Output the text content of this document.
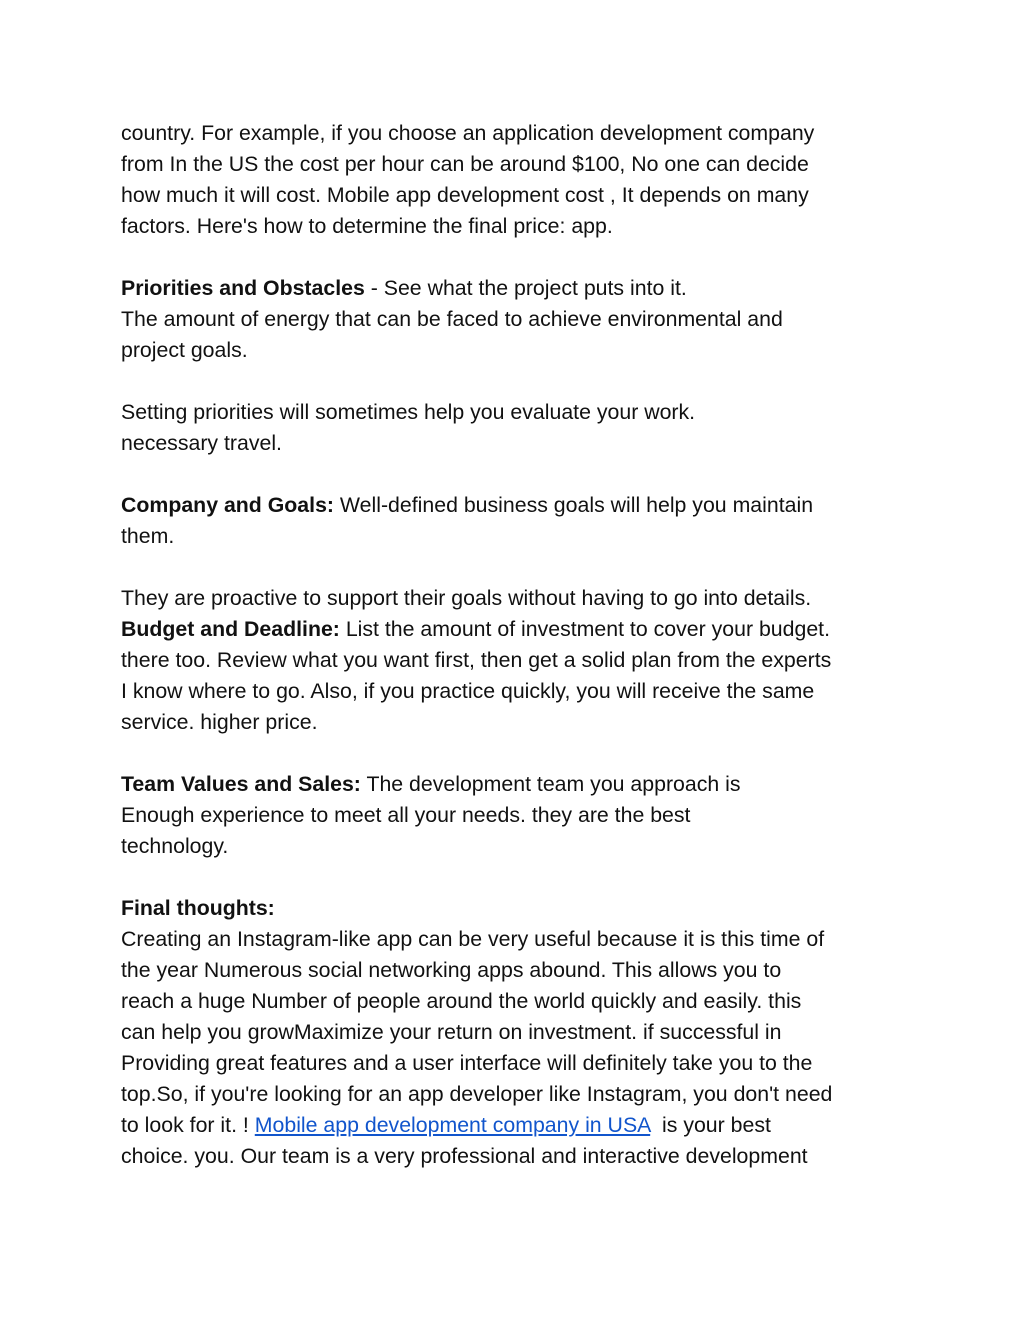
country. For example, if you choose an application development company
from In the US the cost per hour can be around $100, No one can decide
how much it will cost. Mobile app development cost , It depends on many
factors. Here's how to determine the final price: app.
Priorities and Obstacles - See what the project puts into it.
The amount of energy that can be faced to achieve environmental and
project goals.
Setting priorities will sometimes help you evaluate your work.
necessary travel.
Company and Goals: Well-defined business goals will help you maintain
them.
They are proactive to support their goals without having to go into details.
Budget and Deadline: List the amount of investment to cover your budget.
there too. Review what you want first, then get a solid plan from the experts
I know where to go. Also, if you practice quickly, you will receive the same
service. higher price.
Team Values and Sales: The development team you approach is
Enough experience to meet all your needs. they are the best
technology.
Final thoughts:
Creating an Instagram-like app can be very useful because it is this time of
the year Numerous social networking apps abound. This allows you to
reach a huge Number of people around the world quickly and easily. this
can help you growMaximize your return on investment. if successful in
Providing great features and a user interface will definitely take you to the
top.So, if you're looking for an app developer like Instagram, you don't need
to look for it. ! Mobile app development company in USA  is your best
choice. you. Our team is a very professional and interactive development
